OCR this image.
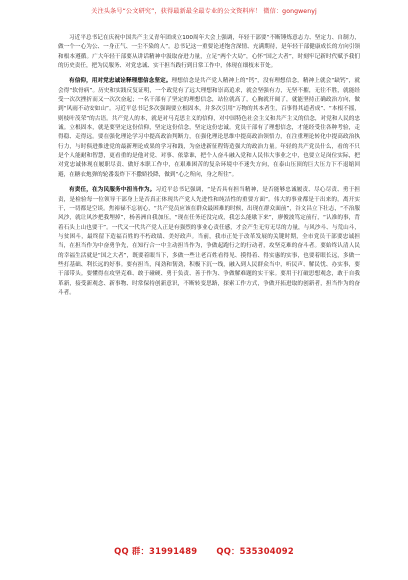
关注头条号“公文研究”，获得最新最全最专业的公文资料库！ 微信：gongwenyj

习近平总书记在庆祝中国共产主义青年团成立100周年大会上强调，年轻干部要“不断锤炼意志力、坚定力、自制力，做一个一心为公、一身正气、一尘不染的人”。总书记这一重要论述饱含深情、充满期待，是年轻干部健康成长的方向引领和根本遵循。广大年轻干部要从讲话精神中汲取奋进力量，立足“两个大局”，心怀“国之大者”，时刻牢记新时代赋予我们的历史责任，把为民服务、对党忠诚、实干担当践行到日常工作中，体现在细枝末节处。

有信仰，用对党忠诚诠释理想信念坚定。理想信念是共产党人精神上的“钙”，没有理想信念，精神上就会“缺钙”，就会得“软骨病”。历史和实践反复证明，一个政党有了远大理想和崇高追求，就会坚强有力，无坚不摧，无往不胜，就能经受一次次挫折而又一次次奋起；一名干部有了坚定的理想信念，站位就高了，心胸就开阔了，就能坚持正确政治方向，做到“风雨不动安如山”。习近平总书记多次强调要立根固本，并多次引用“万物的其本者生，百事得其道者成”、“本根不摇，则枝叶茂荣”的古语。共产党人的本，就是对马克思主义的信仰，对中国特色社会主义和共产主义的信念，对党和人民的忠诚。立根固本，就是要坚定这份信仰，坚定这份信念，坚定这份忠诚。党员干部有了理想信念，才能经受住各种考验，走得稳、走得远。要在强化理论学习中提高政治判断力，在强化理论思维中提高政治领悟力，在注重理论转化中提高政治执行力，与时俱进推进党的最新理论成果的学习和践，为奋进新征程铸造强大的政治力量。年轻的共产党员什么，看的不只是个人能耐和智慧，更看重的是他对党、对事、依靠谁，把个人奋斗融入党和人民伟大事业之中，也要立足岗位实际，把对党忠诚体现在履职尽责、做好本职工作中，在艰难困苦的复杂环境中不迷失方向，在泰山压顶的巨大压力下不退缩回避，在糖衣炮弹的轮番轰炸下不撒娇投降，做到“心之所向，身之所往”。

有责任，在为民服务中担当作为。习近平总书记强调，“是否具有担当精神，是否能够忠诚履责、尽心尽责、勇于担责，是检验每一位领导干部身上是否真正体现共产党人先进性和纯洁性的重要方面”。伟大的事业都是干出来的，离开实干，一切都是空谈。焦裕禄不忘初心，“共产党员应该在群众最困难的时候，出现在群众面前”，谷文昌立下壮志，“不治服风沙，就让风沙把我埋掉”，杨善洲自我加压，“现在任务还没完成，我怎么能歇下来”，廖俊波笃定前行，“认准的事，背着石头上山也要干”。一代又一代共产党人正是有强烈的事业心责任感，才会产生无穷无尽的力量，与风沙斗、与荒山斗，与贫困斗，最终留下造福百姓的不朽政绩、美好政声。当前，我市正处于改革发展的关键时期，全市党员干部要忠诚担当，在担当作为中奋勇争先，在知行合一中主动担当作为，争做起跑行之的行动者，攻坚克难的奋斗者。要始终认清人民的幸福生活就是“国之大者”，既要着眼当下，多做一些让老百姓看得见、摸得着、得实惠的实事，也要着眼长远，多做一些打基础、利长远的好事。要有担当，闯劲和韧劲，积极下沉一线，融入到人民群众当中，听民声、解民忧、办实事，要干部带头。要懂得在攻坚克难、敢于碰硬、勇于负责、善于作为、争做解难题的实干家。要用于打破思想观念，敢于自我革新，接受新观念、新事物、时常保持创新意识，不断转变思路，探索工作方式，争做开拓进取的创新者，担当作为的奋斗者。

QQ 群：31991489 QQ：535304092
